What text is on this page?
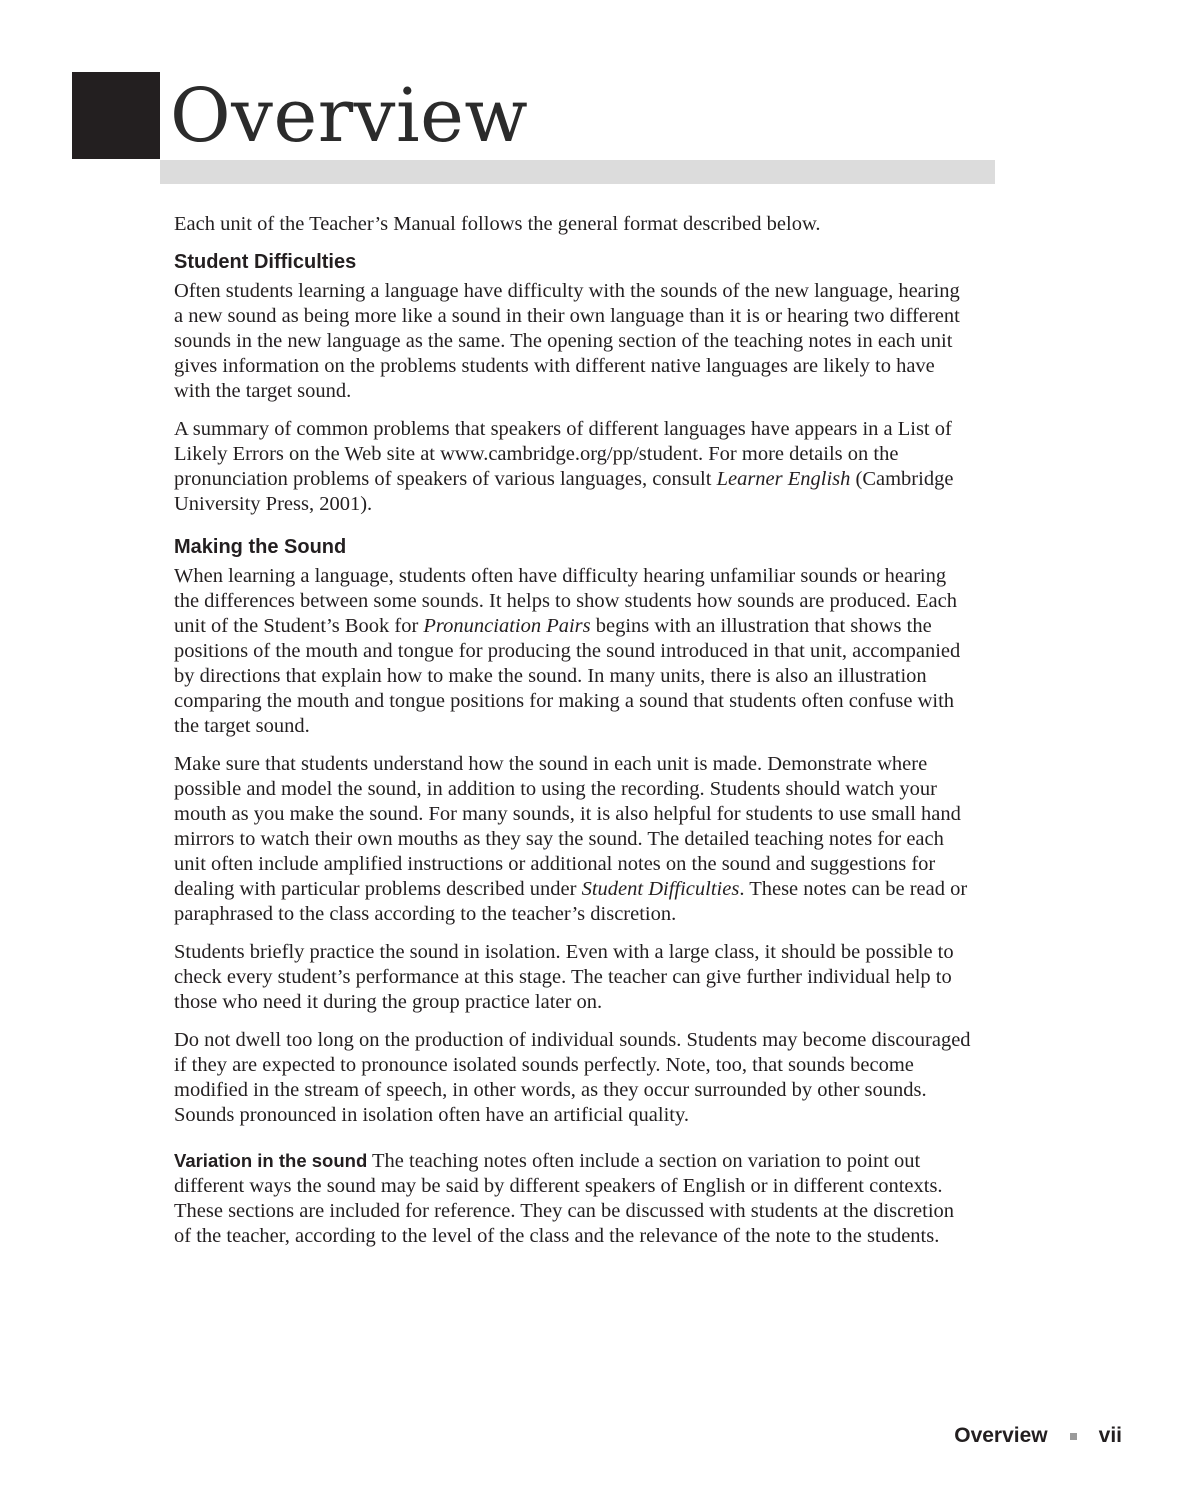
Overview

Each unit of the Teacher’s Manual follows the general format described below.

Student Difficulties

Often students learning a language have difficulty with the sounds of the new language, hearing a new sound as being more like a sound in their own language than it is or hearing two different sounds in the new language as the same. The opening section of the teaching notes in each unit gives information on the problems students with different native languages are likely to have with the target sound.

A summary of common problems that speakers of different languages have appears in a List of Likely Errors on the Web site at www.cambridge.org/pp/student. For more details on the pronunciation problems of speakers of various languages, consult Learner English (Cambridge University Press, 2001).

Making the Sound

When learning a language, students often have difficulty hearing unfamiliar sounds or hearing the differences between some sounds. It helps to show students how sounds are produced. Each unit of the Student’s Book for Pronunciation Pairs begins with an illustration that shows the positions of the mouth and tongue for producing the sound introduced in that unit, accompanied by directions that explain how to make the sound. In many units, there is also an illustration comparing the mouth and tongue positions for making a sound that students often confuse with the target sound.

Make sure that students understand how the sound in each unit is made. Demonstrate where possible and model the sound, in addition to using the recording. Students should watch your mouth as you make the sound. For many sounds, it is also helpful for students to use small hand mirrors to watch their own mouths as they say the sound. The detailed teaching notes for each unit often include amplified instructions or additional notes on the sound and suggestions for dealing with particular problems described under Student Difficulties. These notes can be read or paraphrased to the class according to the teacher’s discretion.

Students briefly practice the sound in isolation. Even with a large class, it should be possible to check every student’s performance at this stage. The teacher can give further individual help to those who need it during the group practice later on.

Do not dwell too long on the production of individual sounds. Students may become discouraged if they are expected to pronounce isolated sounds perfectly. Note, too, that sounds become modified in the stream of speech, in other words, as they occur surrounded by other sounds. Sounds pronounced in isolation often have an artificial quality.

Variation in the sound The teaching notes often include a section on variation to point out different ways the sound may be said by different speakers of English or in different contexts. These sections are included for reference. They can be discussed with students at the discretion of the teacher, according to the level of the class and the relevance of the note to the students.

Overview vii
